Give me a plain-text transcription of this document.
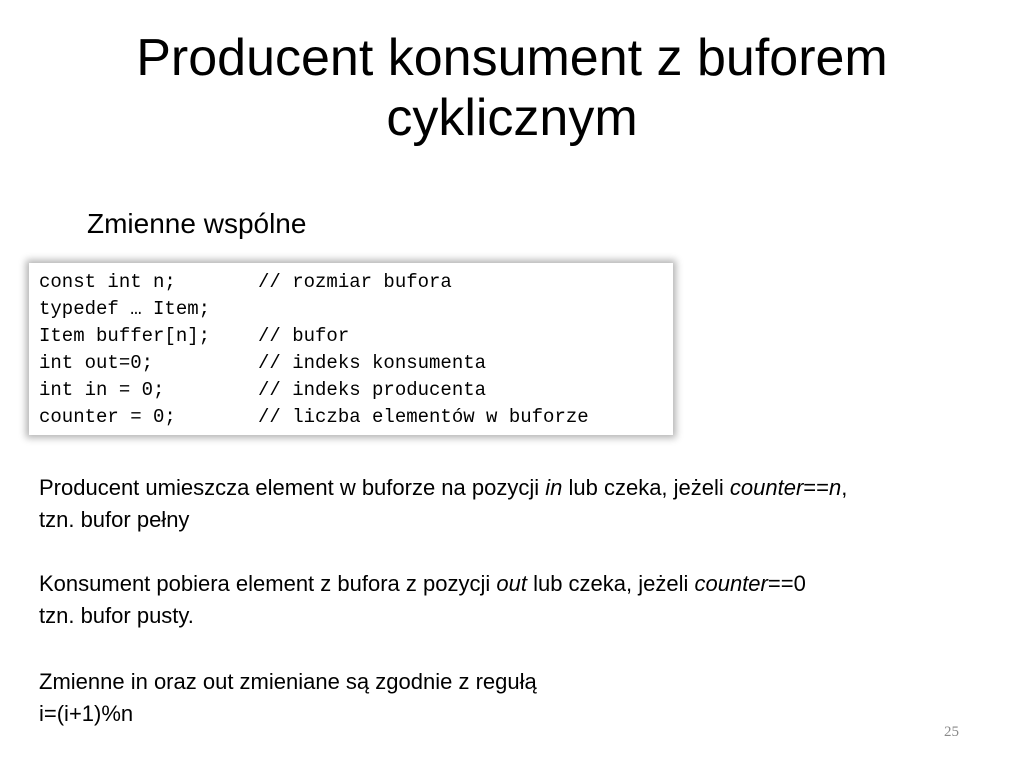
Producent konsument z buforem
cyklicznym

Zmienne wspólne

const int n;	// rozmiar bufora
typedef … Item;
Item buffer[n];	// bufor
int out=0;	// indeks konsumenta
int in = 0;	// indeks producenta
counter = 0;	// liczba elementów w buforze

Producent umieszcza element w buforze na pozycji in lub czeka, jeżeli counter==n,
tzn. bufor pełny

Konsument pobiera element z bufora z pozycji out lub czeka, jeżeli counter==0
tzn. bufor pusty.

Zmienne in oraz out zmieniane są zgodnie z regułą
i=(i+1)%n

25
